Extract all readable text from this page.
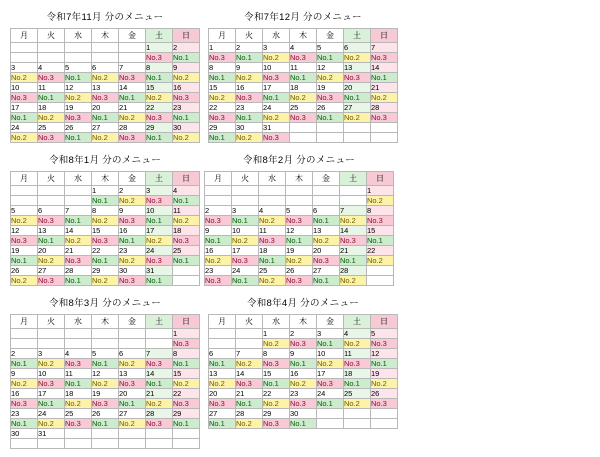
令和7年11月 分のメニュー
月	火	水	木	金	土	日
					1	2
					No.3	No.1
3	4	5	6	7	8	9
No.2	No.3	No.1	No.2	No.3	No.1	No.2
10	11	12	13	14	15	16
No.3	No.1	No.2	No.3	No.1	No.2	No.3
17	18	19	20	21	22	23
No.1	No.2	No.3	No.1	No.2	No.3	No.1
24	25	26	27	28	29	30
No.2	No.3	No.1	No.2	No.3	No.1	No.2
令和7年12月 分のメニュー
月	火	水	木	金	土	日
1	2	3	4	5	6	7
No.3	No.1	No.2	No.3	No.1	No.2	No.3
8	9	10	11	12	13	14
No.1	No.2	No.3	No.1	No.2	No.3	No.1
15	16	17	18	19	20	21
No.2	No.3	No.1	No.2	No.3	No.1	No.2
22	23	24	25	26	27	28
No.3	No.1	No.2	No.3	No.1	No.2	No.3
29	30	31				
No.1	No.2	No.3				
令和8年1月 分のメニュー
月	火	水	木	金	土	日
			1	2	3	4
			No.1	No.2	No.3	No.1
5	6	7	8	9	10	11
No.2	No.3	No.1	No.2	No.3	No.1	No.2
12	13	14	15	16	17	18
No.3	No.1	No.2	No.3	No.1	No.2	No.3
19	20	21	22	23	24	25
No.1	No.2	No.3	No.1	No.2	No.3	No.1
26	27	28	29	30	31	
No.2	No.3	No.1	No.2	No.3	No.1	
令和8年2月 分のメニュー
月	火	水	木	金	土	日
						1
						No.2
2	3	4	5	6	7	8
No.3	No.1	No.2	No.3	No.1	No.2	No.3
9	10	11	12	13	14	15
No.1	No.2	No.3	No.1	No.2	No.3	No.1
16	17	18	19	20	21	22
No.2	No.3	No.1	No.2	No.3	No.1	No.2
23	24	25	26	27	28	
No.3	No.1	No.2	No.3	No.1	No.2	
令和8年3月 分のメニュー
月	火	水	木	金	土	日
						1
						No.3
2	3	4	5	6	7	8
No.1	No.2	No.3	No.1	No.2	No.3	No.1
9	10	11	12	13	14	15
No.2	No.3	No.1	No.2	No.3	No.1	No.2
16	17	18	19	20	21	22
No.3	No.1	No.2	No.3	No.1	No.2	No.3
23	24	25	26	27	28	29
No.1	No.2	No.3	No.1	No.2	No.3	No.1
30	31					

令和8年4月 分のメニュー
月	火	水	木	金	土	日
		1	2	3	4	5
		No.2	No.3	No.1	No.2	No.3
6	7	8	9	10	11	12
No.1	No.2	No.3	No.1	No.2	No.3	No.1
13	14	15	16	17	18	19
No.2	No.3	No.1	No.2	No.3	No.1	No.2
20	21	22	23	24	25	26
No.3	No.1	No.2	No.3	No.1	No.2	No.3
27	28	29	30			
No.1	No.2	No.3	No.1			
